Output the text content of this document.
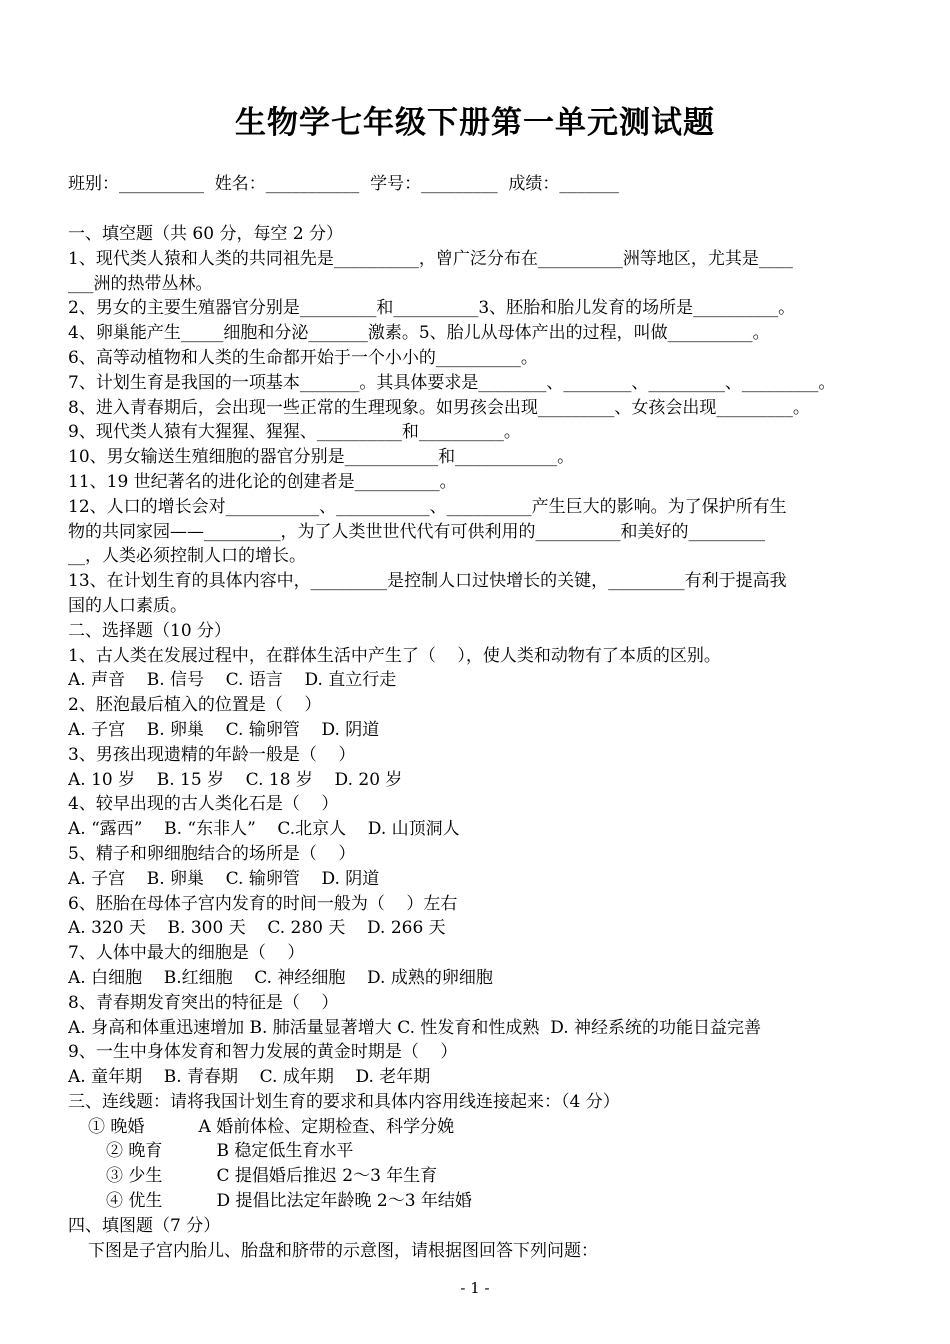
生物学七年级下册第一单元测试题
班别：__________  姓名：___________  学号：_________  成绩：_______
一、填空题（共 60 分，每空 2 分）
1、现代类人猿和人类的共同祖先是__________，曾广泛分布在__________洲等地区，尤其是____
___洲的热带丛林。
2、男女的主要生殖器官分别是_________和__________3、胚胎和胎儿发育的场所是__________。
4、卵巢能产生_____细胞和分泌_______激素。5、胎儿从母体产出的过程，叫做__________。
6、高等动植物和人类的生命都开始于一个小小的__________。
7、计划生育是我国的一项基本_______。其具体要求是________、________、_________、_________。
8、进入青春期后，会出现一些正常的生理现象。如男孩会出现_________、女孩会出现_________。
9、现代类人猿有大猩猩、猩猩、__________和__________。
10、男女输送生殖细胞的器官分别是___________和____________。
11、19 世纪著名的进化论的创建者是__________。
12、人口的增长会对___________、___________、__________产生巨大的影响。为了保护所有生
物的共同家园——_________，为了人类世世代代有可供利用的__________和美好的_________
__，人类必须控制人口的增长。
13、在计划生育的具体内容中，_________是控制人口过快增长的关键，_________有利于提高我
国的人口素质。
二、选择题（10 分）
1、古人类在发展过程中，在群体生活中产生了（    ），使人类和动物有了本质的区别。
A. 声音    B. 信号    C. 语言    D. 直立行走
2、胚泡最后植入的位置是（    ）
A. 子宫    B. 卵巢    C. 输卵管    D. 阴道
3、男孩出现遗精的年龄一般是（    ）
A. 10 岁    B. 15 岁    C. 18 岁    D. 20 岁
4、较早出现的古人类化石是（    ）
A. “露西”    B. “东非人”    C.北京人    D. 山顶洞人
5、精子和卵细胞结合的场所是（    ）
A. 子宫    B. 卵巢    C. 输卵管    D. 阴道
6、胚胎在母体子宫内发育的时间一般为（    ）左右
A. 320 天    B. 300 天    C. 280 天    D. 266 天
7、人体中最大的细胞是（    ）
A. 白细胞    B.红细胞    C. 神经细胞    D. 成熟的卵细胞
8、青春期发育突出的特征是（    ）
A. 身高和体重迅速增加 B. 肺活量显著增大 C. 性发育和性成熟  D. 神经系统的功能日益完善
9、一生中身体发育和智力发展的黄金时期是（    ）
A. 童年期    B. 青春期    C. 成年期    D. 老年期
三、连线题：请将我国计划生育的要求和具体内容用线连接起来：（4 分）
① 晚婚          A 婚前体检、定期检查、科学分娩
② 晚育          B 稳定低生育水平
③ 少生          C 提倡婚后推迟 2～3 年生育
④ 优生          D 提倡比法定年龄晚 2～3 年结婚
四、填图题（7 分）
下图是子宫内胎儿、胎盘和脐带的示意图，请根据图回答下列问题：
- 1 -
